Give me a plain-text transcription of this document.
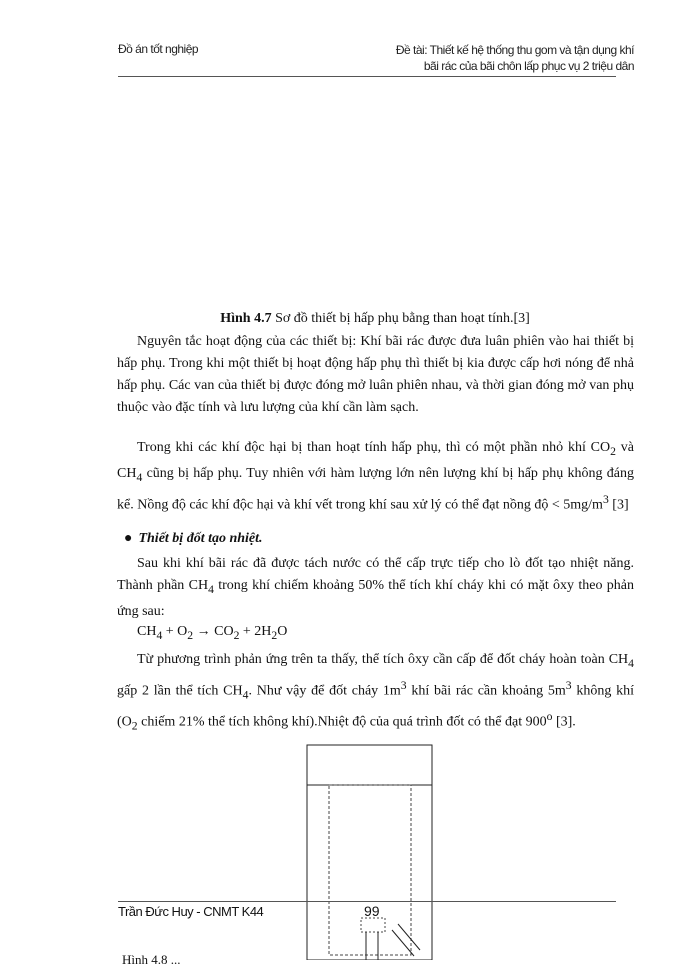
Đồ án tốt nghiệp	Đề tài: Thiết kế hệ thống thu gom và tận dụng khí
bãi rác của bãi chôn lấp phục vụ 2 triệu dân
Hình 4.7 Sơ đồ thiết bị hấp phụ bằng than hoạt tính.[3]

Nguyên tắc hoạt động của các thiết bị: Khí bãi rác được đưa luân phiên vào hai thiết bị hấp phụ. Trong khi một thiết bị hoạt động hấp phụ thì thiết bị kia được cấp hơi nóng để nhả hấp phụ. Các van của thiết bị được đóng mở luân phiên nhau, và thời gian đóng mở van phụ thuộc vào đặc tính và lưu lượng của khí cần làm sạch.

Trong khi các khí độc hại bị than hoạt tính hấp phụ, thì có một phần nhỏ khí $CO_2$ và $CH_4$ cũng bị hấp phụ. Tuy nhiên với hàm lượng lớn nên lượng khí bị hấp phụ không đáng kể. Nồng độ các khí độc hại và khí vết trong khí sau xử lý có thể đạt nồng độ < $5mg/m^3$ [3]

● Thiết bị đốt tạo nhiệt.

Sau khi khí bãi rác đã được tách nước có thể cấp trực tiếp cho lò đốt tạo nhiệt năng. Thành phần $CH_4$ trong khí chiếm khoảng 50% thể tích khí cháy khi có mặt ôxy theo phản ứng sau:

$CH_4 + O_2 \to CO_2 + 2H_2O$

Từ phương trình phản ứng trên ta thấy, thể tích ôxy cần cấp để đốt cháy hoàn toàn $CH_4$ gấp 2 lần thể tích $CH_4$. Như vậy để đốt cháy $1m^3$ khí bãi rác cần khoảng $5m^3$ không khí ($O_2$ chiếm 21% thể tích không khí).Nhiệt độ của quá trình đốt có thể đạt 900$^o$ [3].

Trần Đức Huy - CNMT K44	99
Hình 4.8 ...
